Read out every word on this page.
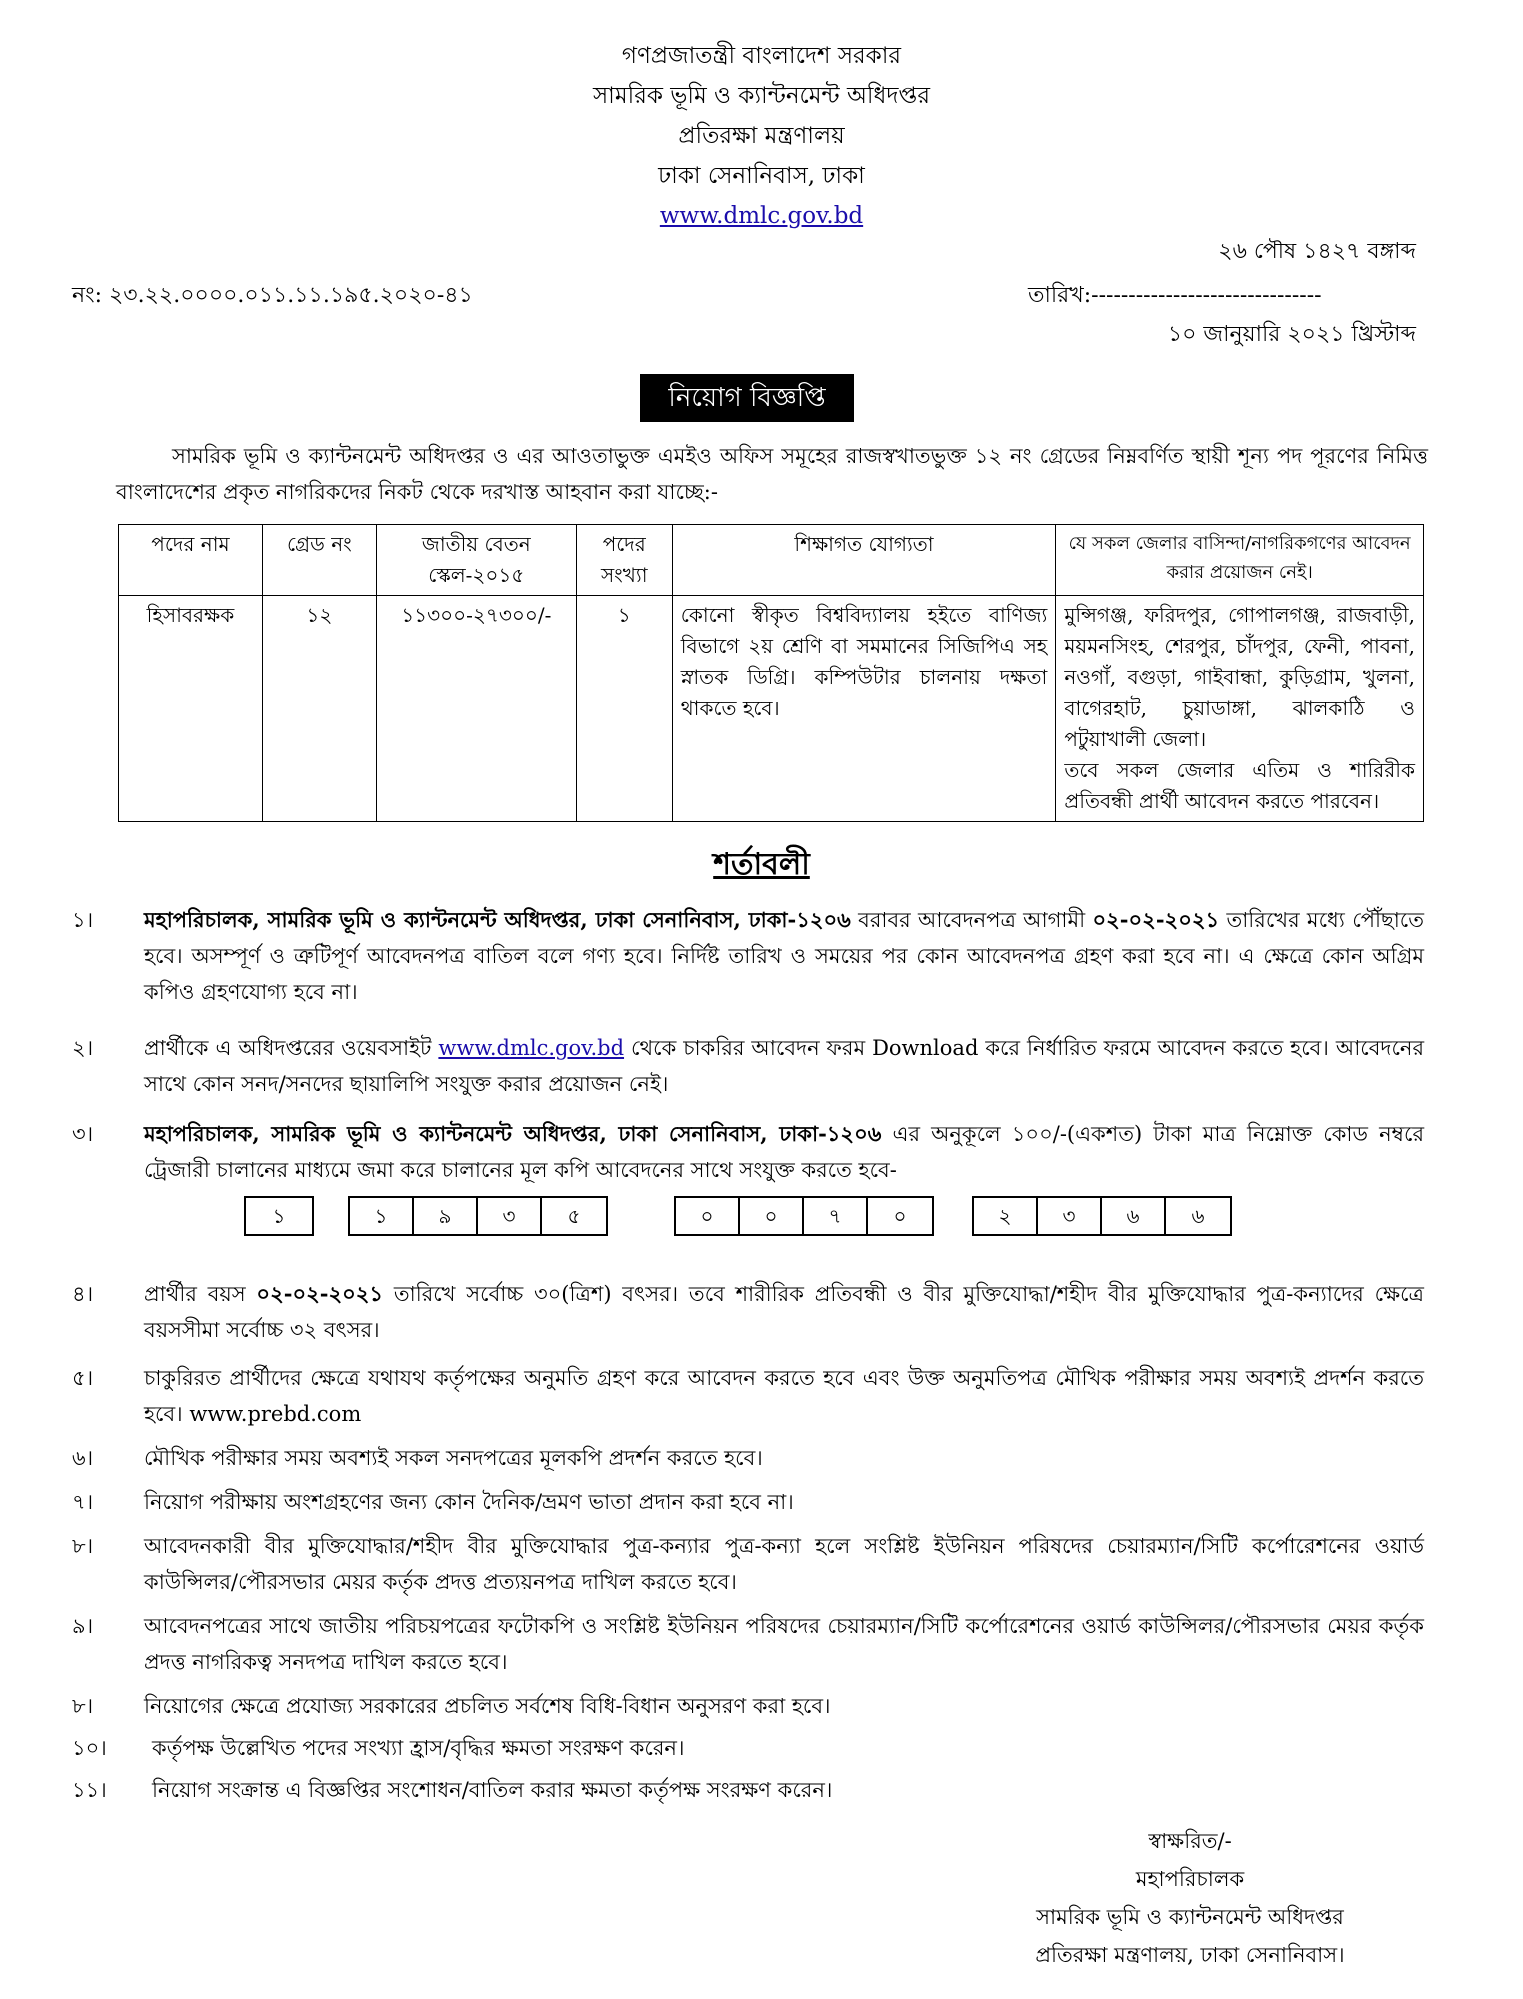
গণপ্রজাতন্ত্রী বাংলাদেশ সরকার
সামরিক ভূমি ও ক্যান্টনমেন্ট অধিদপ্তর
প্রতিরক্ষা মন্ত্রণালয়
ঢাকা সেনানিবাস, ঢাকা
www.dmlc.gov.bd
২৬ পৌষ ১৪২৭ বঙ্গাব্দ
নং: ২৩.২২.০০০০.০১১.১১.১৯৫.২০২০-৪১	তারিখ:-------------------------------
১০ জানুয়ারি ২০২১ খ্রিস্টাব্দ
নিয়োগ বিজ্ঞপ্তি

সামরিক ভূমি ও ক্যান্টনমেন্ট অধিদপ্তর ও এর আওতাভুক্ত এমইও অফিস সমূহের রাজস্বখাতভুক্ত ১২ নং গ্রেডের নিম্নবর্ণিত স্থায়ী শূন্য পদ পূরণের নিমিত্ত বাংলাদেশের প্রকৃত নাগরিকদের নিকট থেকে দরখাস্ত আহবান করা যাচ্ছে:-

পদের নাম	গ্রেড নং	জাতীয় বেতন স্কেল-২০১৫	পদের সংখ্যা	শিক্ষাগত যোগ্যতা	যে সকল জেলার বাসিন্দা/নাগরিকগণের আবেদন করার প্রয়োজন নেই।
হিসাবরক্ষক	১২	১১৩০০-২৭৩০০/-	১	কোনো স্বীকৃত বিশ্ববিদ্যালয় হইতে বাণিজ্য বিভাগে ২য় শ্রেণি বা সমমানের সিজিপিএ সহ স্নাতক ডিগ্রি। কম্পিউটার চালনায় দক্ষতা থাকতে হবে।	মুন্সিগঞ্জ, ফরিদপুর, গোপালগঞ্জ, রাজবাড়ী, ময়মনসিংহ, শেরপুর, চাঁদপুর, ফেনী, পাবনা, নওগাঁ, বগুড়া, গাইবান্ধা, কুড়িগ্রাম, খুলনা, বাগেরহাট, চুয়াডাঙ্গা, ঝালকাঠি ও পটুয়াখালী জেলা।
তবে সকল জেলার এতিম ও শারিরীক প্রতিবন্ধী প্রার্থী আবেদন করতে পারবেন।
শর্তাবলী
১।	মহাপরিচালক, সামরিক ভূমি ও ক্যান্টনমেন্ট অধিদপ্তর, ঢাকা সেনানিবাস, ঢাকা-১২০৬ বরাবর আবেদনপত্র আগামী ০২-০২-২০২১ তারিখের মধ্যে পৌঁছাতে হবে। অসম্পূর্ণ ও ত্রুটিপূর্ণ আবেদনপত্র বাতিল বলে গণ্য হবে। নির্দিষ্ট তারিখ ও সময়ের পর কোন আবেদনপত্র গ্রহণ করা হবে না। এ ক্ষেত্রে কোন অগ্রিম কপিও গ্রহণযোগ্য হবে না।
২।	প্রার্থীকে এ অধিদপ্তরের ওয়েবসাইট www.dmlc.gov.bd থেকে চাকরির আবেদন ফরম Download করে নির্ধারিত ফরমে আবেদন করতে হবে। আবেদনের সাথে কোন সনদ/সনদের ছায়ালিপি সংযুক্ত করার প্রয়োজন নেই।
৩।	মহাপরিচালক, সামরিক ভূমি ও ক্যান্টনমেন্ট অধিদপ্তর, ঢাকা সেনানিবাস, ঢাকা-১২০৬ এর অনুকূলে ১০০/-(একশত) টাকা মাত্র নিম্নোক্ত কোড নম্বরে ট্রেজারী চালানের মাধ্যমে জমা করে চালানের মূল কপি আবেদনের সাথে সংযুক্ত করতে হবে-
১	১	৯	৩	৫	০	০	৭	০	২	৩	৬	৬
৪।	প্রার্থীর বয়স ০২-০২-২০২১ তারিখে সর্বোচ্চ ৩০(ত্রিশ) বৎসর। তবে শারীরিক প্রতিবন্ধী ও বীর মুক্তিযোদ্ধা/শহীদ বীর মুক্তিযোদ্ধার পুত্র-কন্যাদের ক্ষেত্রে বয়সসীমা সর্বোচ্চ ৩২ বৎসর।
৫।	চাকুরিরত প্রার্থীদের ক্ষেত্রে যথাযথ কর্তৃপক্ষের অনুমতি গ্রহণ করে আবেদন করতে হবে এবং উক্ত অনুমতিপত্র মৌখিক পরীক্ষার সময় অবশ্যই প্রদর্শন করতে হবে। www.prebd.com
৬।	মৌখিক পরীক্ষার সময় অবশ্যই সকল সনদপত্রের মূলকপি প্রদর্শন করতে হবে।
৭।	নিয়োগ পরীক্ষায় অংশগ্রহণের জন্য কোন দৈনিক/ভ্রমণ ভাতা প্রদান করা হবে না।
৮।	আবেদনকারী বীর মুক্তিযোদ্ধার/শহীদ বীর মুক্তিযোদ্ধার পুত্র-কন্যার পুত্র-কন্যা হলে সংশ্লিষ্ট ইউনিয়ন পরিষদের চেয়ারম্যান/সিটি কর্পোরেশনের ওয়ার্ড কাউন্সিলর/পৌরসভার মেয়র কর্তৃক প্রদত্ত প্রত্যয়নপত্র দাখিল করতে হবে।
৯।	আবেদনপত্রের সাথে জাতীয় পরিচয়পত্রের ফটোকপি ও সংশ্লিষ্ট ইউনিয়ন পরিষদের চেয়ারম্যান/সিটি কর্পোরেশনের ওয়ার্ড কাউন্সিলর/পৌরসভার মেয়র কর্তৃক প্রদত্ত নাগরিকত্ব সনদপত্র দাখিল করতে হবে।
৮।	নিয়োগের ক্ষেত্রে প্রযোজ্য সরকারের প্রচলিত সর্বশেষ বিধি-বিধান অনুসরণ করা হবে।
১০।	কর্তৃপক্ষ উল্লেখিত পদের সংখ্যা হ্রাস/বৃদ্ধির ক্ষমতা সংরক্ষণ করেন।
১১।	নিয়োগ সংক্রান্ত এ বিজ্ঞপ্তির সংশোধন/বাতিল করার ক্ষমতা কর্তৃপক্ষ সংরক্ষণ করেন।
স্বাক্ষরিত/-
মহাপরিচালক
সামরিক ভূমি ও ক্যান্টনমেন্ট অধিদপ্তর
প্রতিরক্ষা মন্ত্রণালয়, ঢাকা সেনানিবাস।
